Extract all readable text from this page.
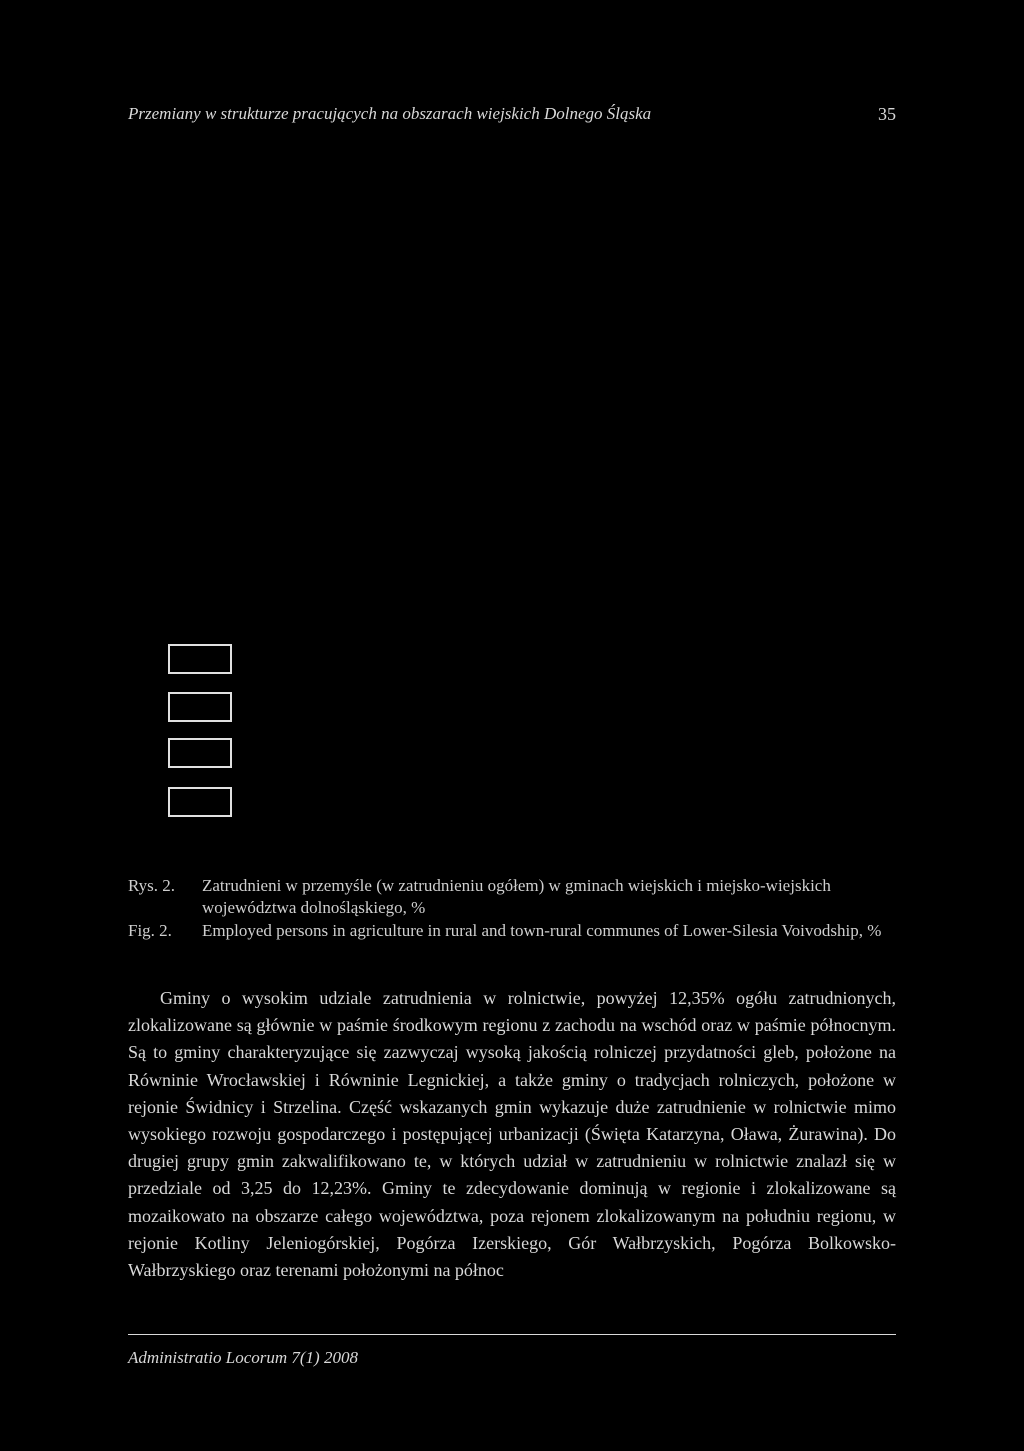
Przemiany w strukturze pracujących na obszarach wiejskich Dolnego Śląska	35
Rys. 2. Zatrudnieni w przemyśle (w zatrudnieniu ogółem) w gminach wiejskich i miejsko-wiejskich województwa dolnośląskiego, %
Fig. 2. Employed persons in agriculture in rural and town-rural communes of Lower-Silesia Voivodship, %

Gminy o wysokim udziale zatrudnienia w rolnictwie, powyżej 12,35% ogółu zatrudnionych, zlokalizowane są głównie w paśmie środkowym regionu z zachodu na wschód oraz w paśmie północnym. Są to gminy charakteryzujące się zazwyczaj wysoką jakością rolniczej przydatności gleb, położone na Równinie Wrocławskiej i Równinie Legnickiej, a także gminy o tradycjach rolniczych, położone w rejonie Świdnicy i Strzelina. Część wskazanych gmin wykazuje duże zatrudnienie w rolnictwie mimo wysokiego rozwoju gospodarczego i postępującej urbanizacji (Święta Katarzyna, Oława, Żurawina). Do drugiej grupy gmin zakwalifikowano te, w których udział w zatrudnieniu w rolnictwie znalazł się w przedziale od 3,25 do 12,23%. Gminy te zdecydowanie dominują w regionie i zlokalizowane są mozaikowato na obszarze całego województwa, poza rejonem zlokalizowanym na południu regionu, w rejonie Kotliny Jeleniogórskiej, Pogórza Izerskiego, Gór Wałbrzyskich, Pogórza Bolkowsko-Wałbrzyskiego oraz terenami położonymi na północ

Administratio Locorum 7(1) 2008
